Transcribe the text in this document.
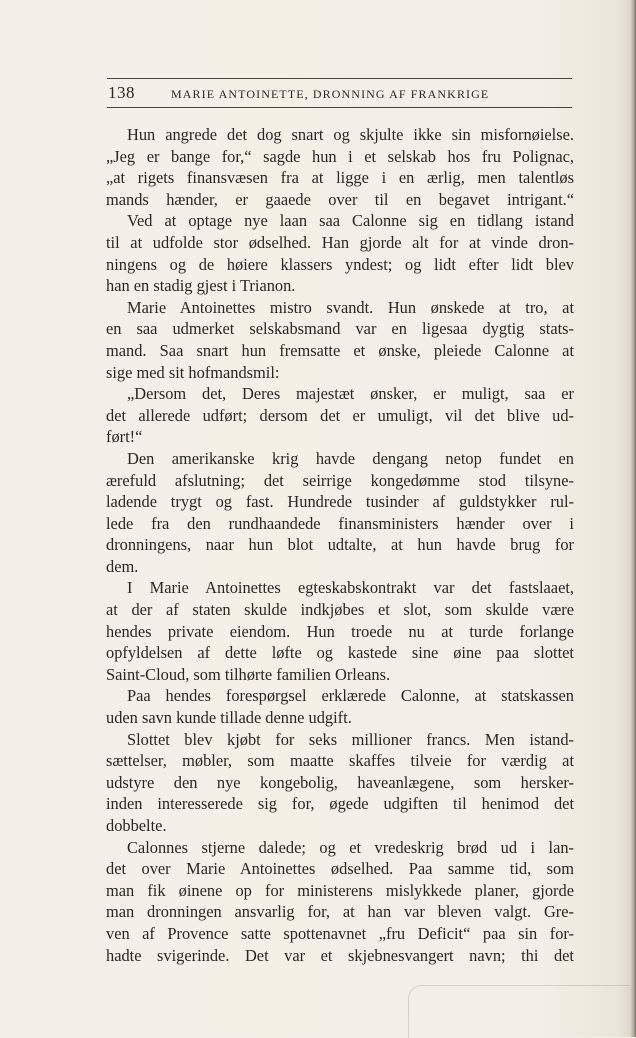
138	MARIE ANTOINETTE, DRONNING AF FRANKRIGE
Hun angrede det dog snart og skjulte ikke sin misfornøielse.
„Jeg er bange for,“ sagde hun i et selskab hos fru Polignac,
„at rigets finansvæsen fra at ligge i en ærlig, men talentløs
mands hænder, er gaaede over til en begavet intrigant.“
Ved at optage nye laan saa Calonne sig en tidlang istand
til at udfolde stor ødselhed. Han gjorde alt for at vinde dron-
ningens og de høiere klassers yndest; og lidt efter lidt blev
han en stadig gjest i Trianon.
Marie Antoinettes mistro svandt. Hun ønskede at tro, at
en saa udmerket selskabsmand var en ligesaa dygtig stats-
mand. Saa snart hun fremsatte et ønske, pleiede Calonne at
sige med sit hofmandsmil:
„Dersom det, Deres majestæt ønsker, er muligt, saa er
det allerede udført; dersom det er umuligt, vil det blive ud-
ført!“
Den amerikanske krig havde dengang netop fundet en
ærefuld afslutning; det seirrige kongedømme stod tilsyne-
ladende trygt og fast. Hundrede tusinder af guldstykker rul-
lede fra den rundhaandede finansministers hænder over i
dronningens, naar hun blot udtalte, at hun havde brug for
dem.
I Marie Antoinettes egteskabskontrakt var det fastslaaet,
at der af staten skulde indkjøbes et slot, som skulde være
hendes private eiendom. Hun troede nu at turde forlange
opfyldelsen af dette løfte og kastede sine øine paa slottet
Saint-Cloud, som tilhørte familien Orleans.
Paa hendes forespørgsel erklærede Calonne, at statskassen
uden savn kunde tillade denne udgift.
Slottet blev kjøbt for seks millioner francs. Men istand-
sættelser, møbler, som maatte skaffes tilveie for værdig at
udstyre den nye kongebolig, haveanlægene, som hersker-
inden interesserede sig for, øgede udgiften til henimod det
dobbelte.
Calonnes stjerne dalede; og et vredeskrig brød ud i lan-
det over Marie Antoinettes ødselhed. Paa samme tid, som
man fik øinene op for ministerens mislykkede planer, gjorde
man dronningen ansvarlig for, at han var bleven valgt. Gre-
ven af Provence satte spottenavnet „fru Deficit“ paa sin for-
hadte svigerinde. Det var et skjebnesvangert navn; thi det
